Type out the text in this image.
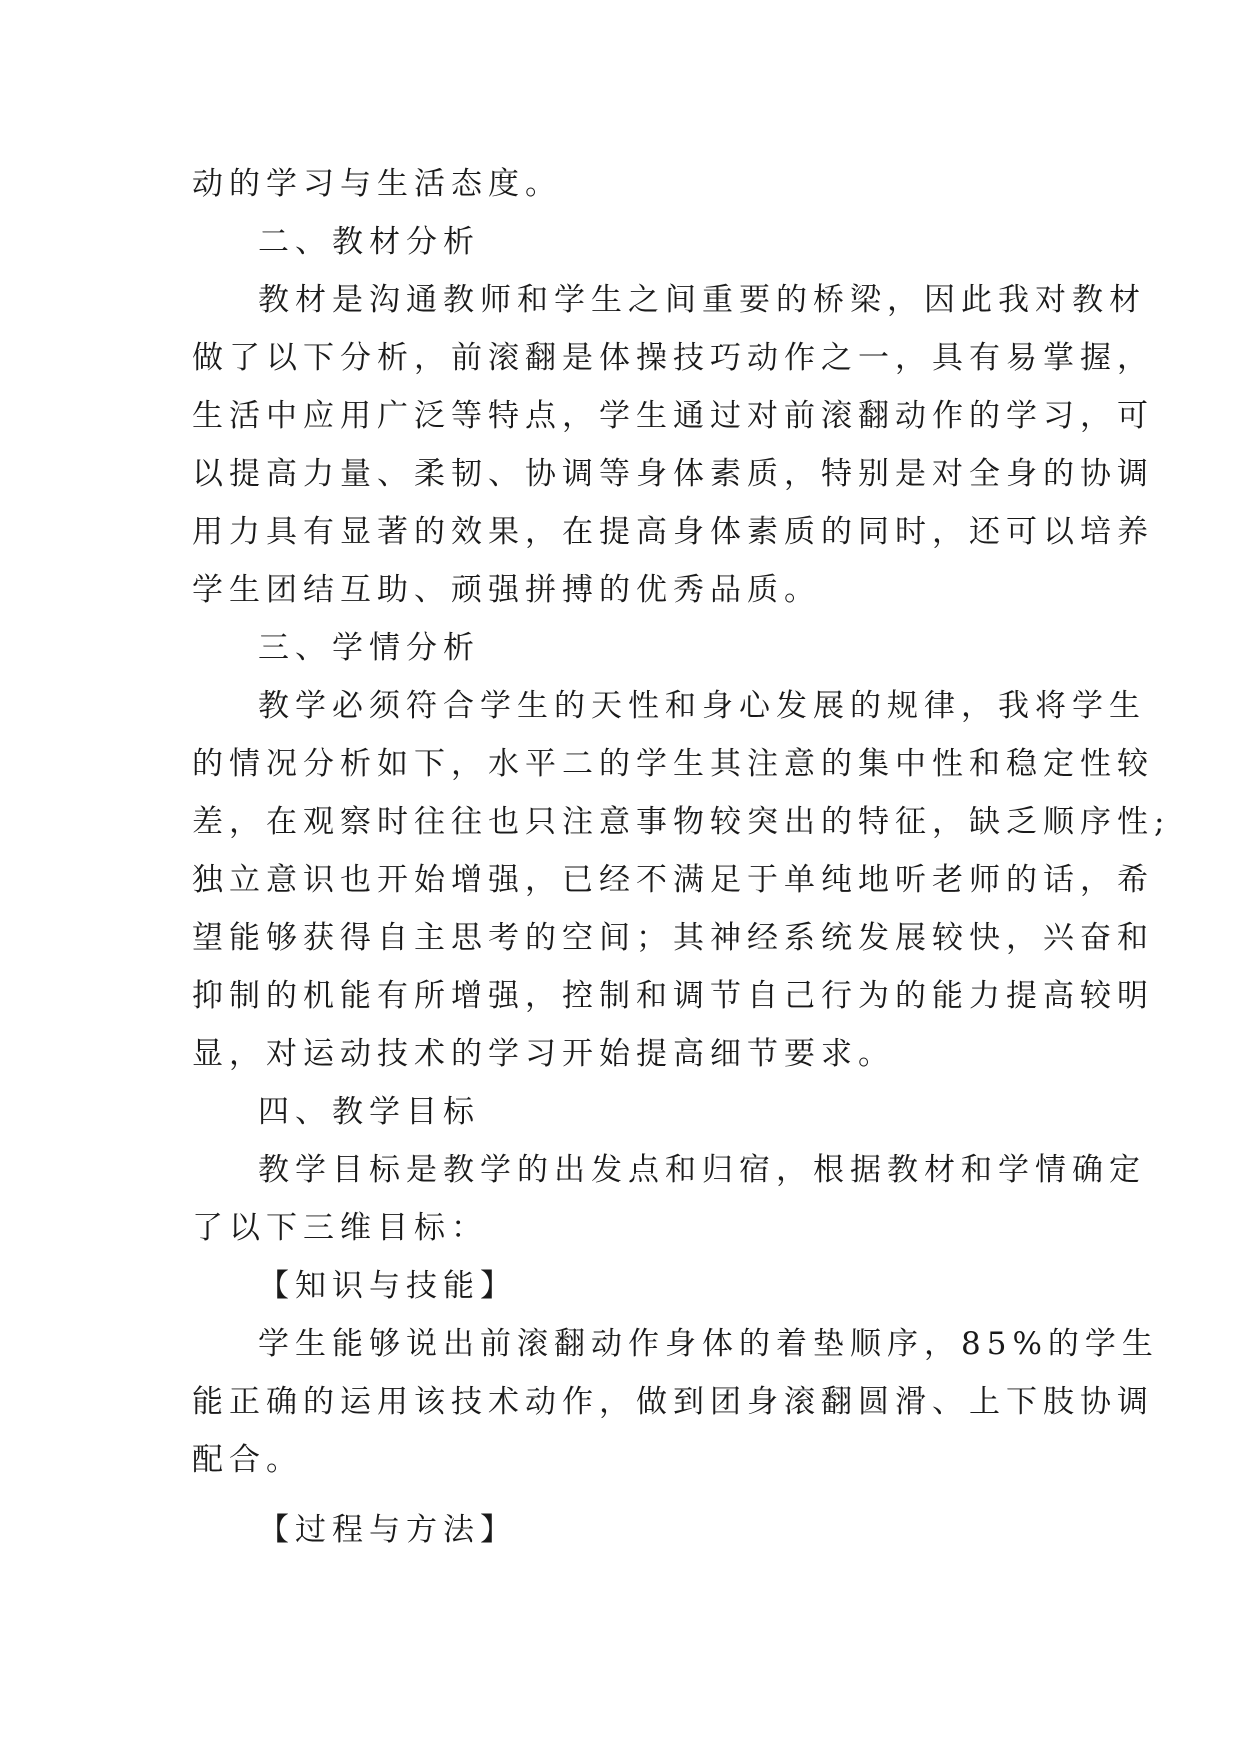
动的学习与生活态度。
二、教材分析
教材是沟通教师和学生之间重要的桥梁，因此我对教材
做了以下分析，前滚翻是体操技巧动作之一，具有易掌握，
生活中应用广泛等特点，学生通过对前滚翻动作的学习，可
以提高力量、柔韧、协调等身体素质，特别是对全身的协调
用力具有显著的效果，在提高身体素质的同时，还可以培养
学生团结互助、顽强拼搏的优秀品质。
三、学情分析
教学必须符合学生的天性和身心发展的规律，我将学生
的情况分析如下，水平二的学生其注意的集中性和稳定性较
差，在观察时往往也只注意事物较突出的特征，缺乏顺序性;
独立意识也开始增强，已经不满足于单纯地听老师的话，希
望能够获得自主思考的空间；其神经系统发展较快，兴奋和
抑制的机能有所增强，控制和调节自己行为的能力提高较明
显，对运动技术的学习开始提高细节要求。
四、教学目标
教学目标是教学的出发点和归宿，根据教材和学情确定
了以下三维目标：
【知识与技能】
学生能够说出前滚翻动作身体的着垫顺序，85%的学生
能正确的运用该技术动作，做到团身滚翻圆滑、上下肢协调
配合。
【过程与方法】
